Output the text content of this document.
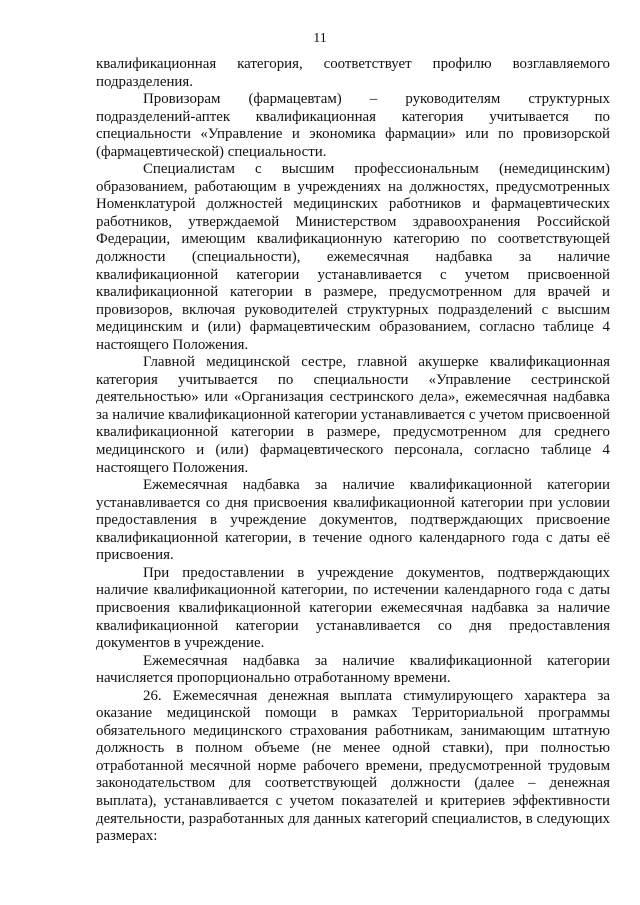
11

квалификационная категория, соответствует профилю возглавляемого подразделения.

Провизорам (фармацевтам) – руководителям структурных подразделений-аптек квалификационная категория учитывается по специальности «Управление и экономика фармации» или по провизорской (фармацевтической) специальности.

Специалистам с высшим профессиональным (немедицинским) образованием, работающим в учреждениях на должностях, предусмотренных Номенклатурой должностей медицинских работников и фармацевтических работников, утверждаемой Министерством здравоохранения Российской Федерации, имеющим квалификационную категорию по соответствующей должности (специальности), ежемесячная надбавка за наличие квалификационной категории устанавливается с учетом присвоенной квалификационной категории в размере, предусмотренном для врачей и провизоров, включая руководителей структурных подразделений с высшим медицинским и (или) фармацевтическим образованием, согласно таблице 4 настоящего Положения.

Главной медицинской сестре, главной акушерке квалификационная категория учитывается по специальности «Управление сестринской деятельностью» или «Организация сестринского дела», ежемесячная надбавка за наличие квалификационной категории устанавливается с учетом присвоенной квалификационной категории в размере, предусмотренном для среднего медицинского и (или) фармацевтического персонала, согласно таблице 4 настоящего Положения.

Ежемесячная надбавка за наличие квалификационной категории устанавливается со дня присвоения квалификационной категории при условии предоставления в учреждение документов, подтверждающих присвоение квалификационной категории, в течение одного календарного года с даты её присвоения.

При предоставлении в учреждение документов, подтверждающих наличие квалификационной категории, по истечении календарного года с даты присвоения квалификационной категории ежемесячная надбавка за наличие квалификационной категории устанавливается со дня предоставления документов в учреждение.

Ежемесячная надбавка за наличие квалификационной категории начисляется пропорционально отработанному времени.

26. Ежемесячная денежная выплата стимулирующего характера за оказание медицинской помощи в рамках Территориальной программы обязательного медицинского страхования работникам, занимающим штатную должность в полном объеме (не менее одной ставки), при полностью отработанной месячной норме рабочего времени, предусмотренной трудовым законодательством для соответствующей должности (далее – денежная выплата), устанавливается с учетом показателей и критериев эффективности деятельности, разработанных для данных категорий специалистов, в следующих размерах:
